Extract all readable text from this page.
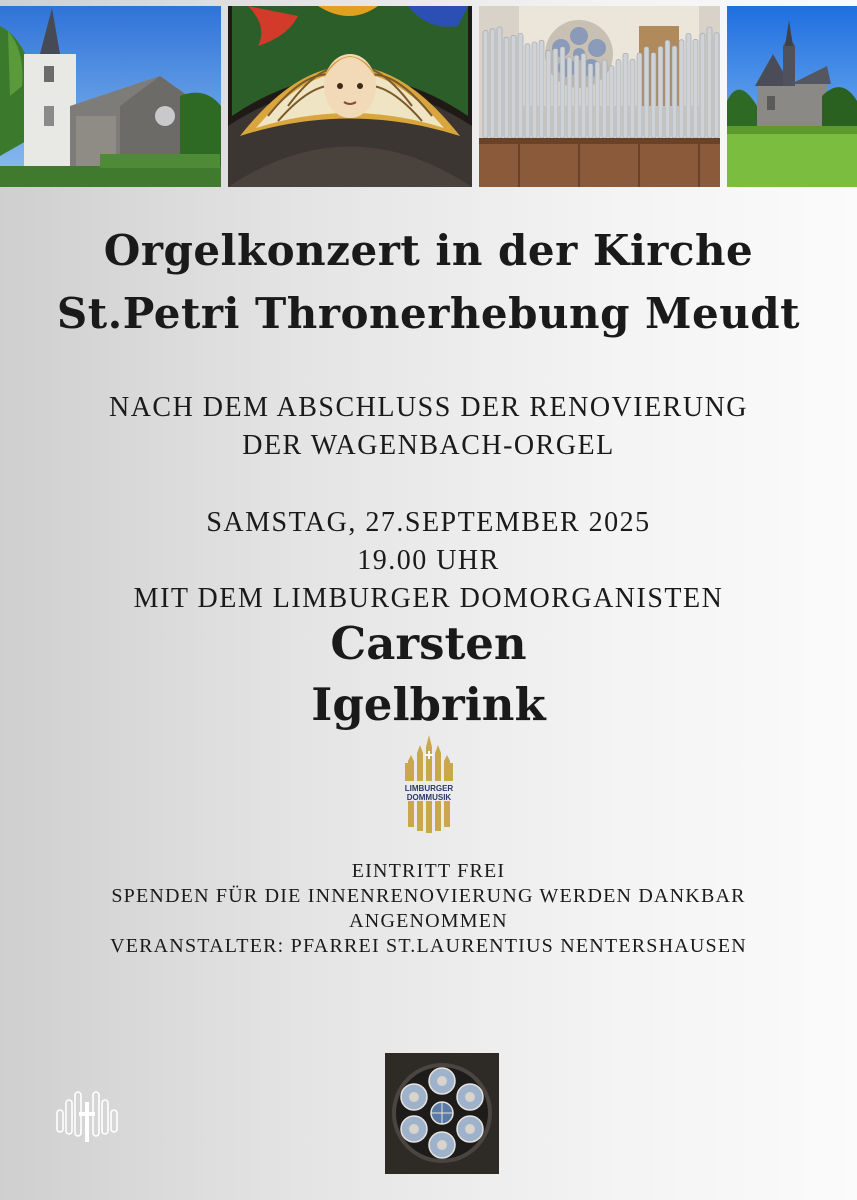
Orgelkonzert in der Kirche
St.Petri Thronerhebung Meudt

NACH DEM ABSCHLUSS DER RENOVIERUNG

DER WAGENBACH-ORGEL

SAMSTAG, 27.SEPTEMBER 2025

19.00 UHR

MIT DEM LIMBURGER DOMORGANISTEN

Carsten

Igelbrink

LIMBURGER
DOMMUSIK

EINTRITT FREI

SPENDEN FÜR DIE INNENRENOVIERUNG WERDEN DANKBAR

ANGENOMMEN

VERANSTALTER: PFARREI ST.LAURENTIUS NENTERSHAUSEN
